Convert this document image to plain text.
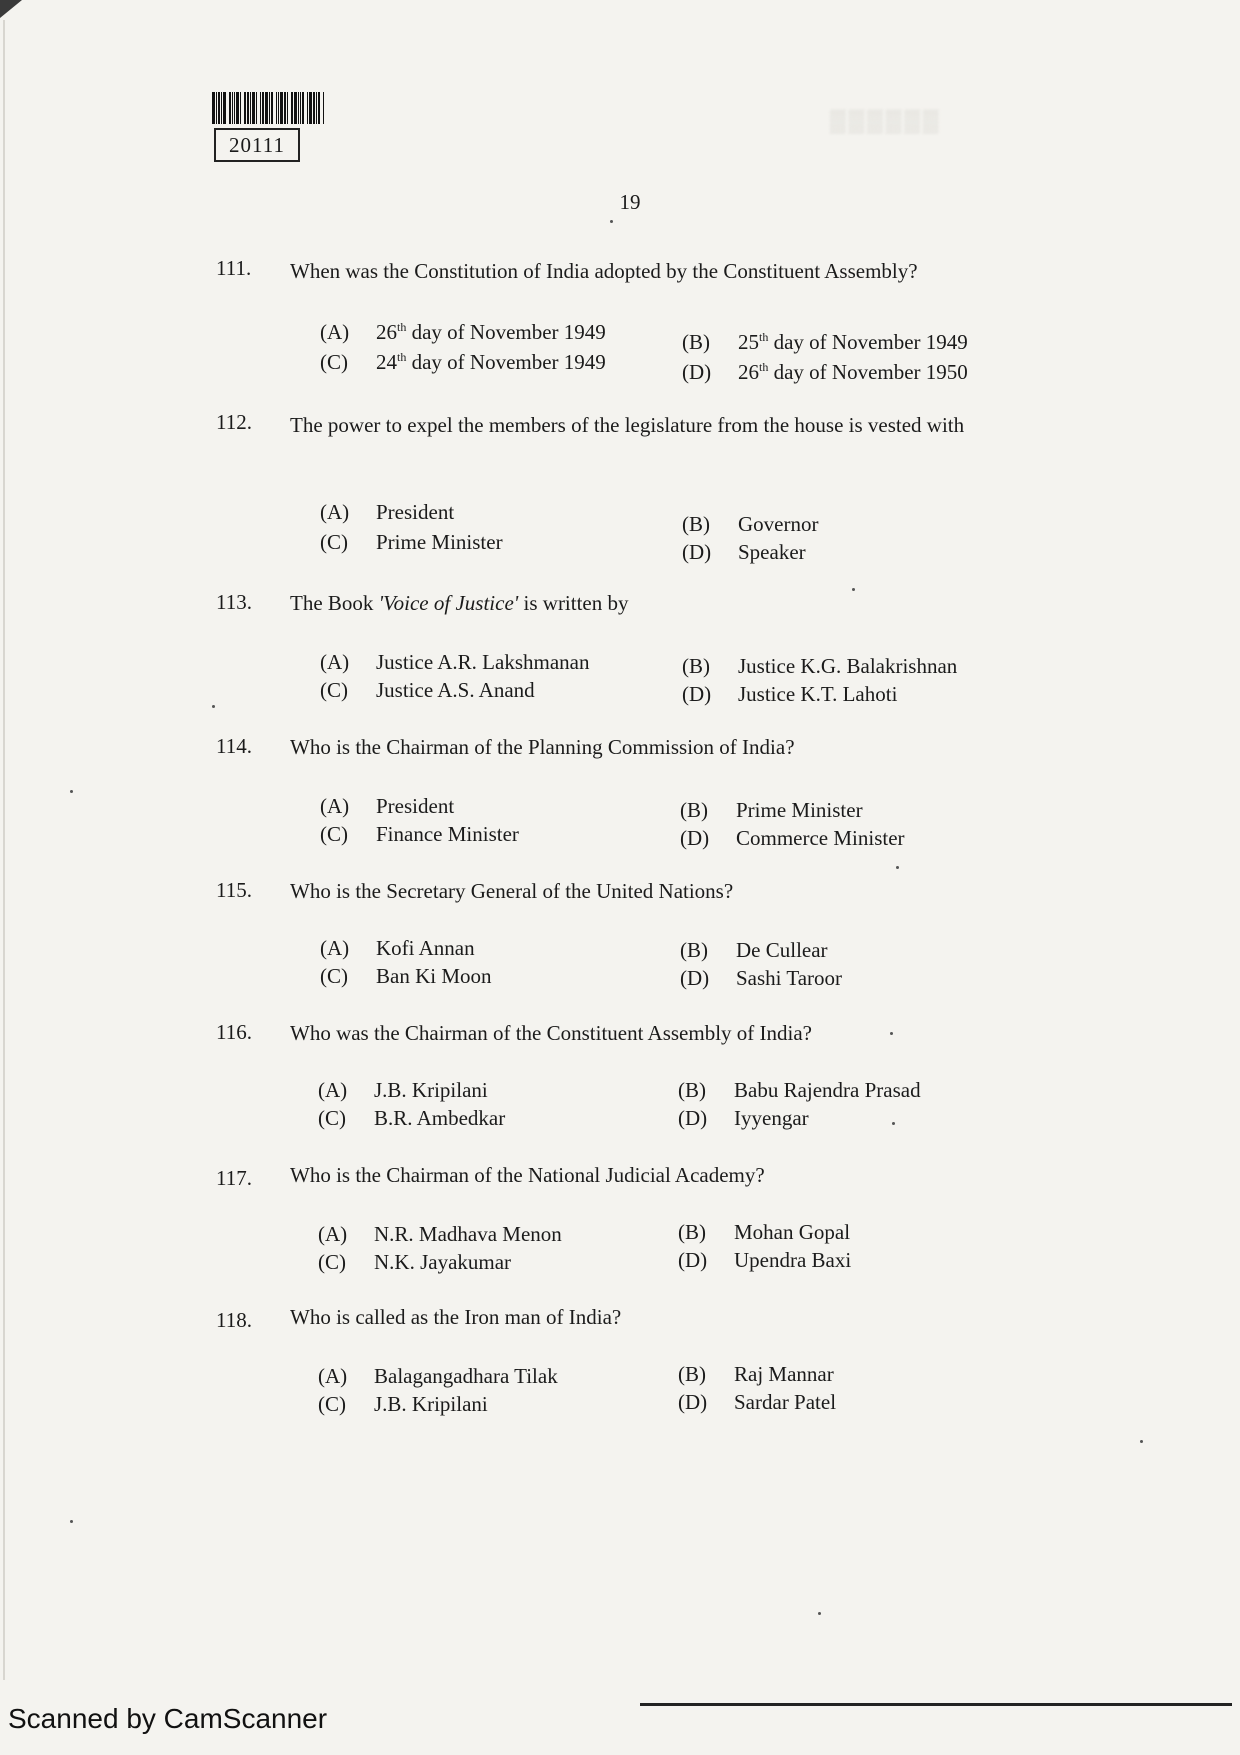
20111
▒▒▒▒▒▒
19
111. When was the Constitution of India adopted by the Constituent Assembly?
(A) 26th day of November 1949	(B) 25th day of November 1949
(C) 24th day of November 1949	(D) 26th day of November 1950
112. The power to expel the members of the legislature from the house is vested with
(A) President	(B) Governor
(C) Prime Minister	(D) Speaker
113. The Book 'Voice of Justice' is written by
(A) Justice A.R. Lakshmanan	(B) Justice K.G. Balakrishnan
(C) Justice A.S. Anand	(D) Justice K.T. Lahoti
114. Who is the Chairman of the Planning Commission of India?
(A) President	(B) Prime Minister
(C) Finance Minister	(D) Commerce Minister
115. Who is the Secretary General of the United Nations?
(A) Kofi Annan	(B) De Cullear
(C) Ban Ki Moon	(D) Sashi Taroor
116. Who was the Chairman of the Constituent Assembly of India?
(A) J.B. Kripilani	(B) Babu Rajendra Prasad
(C) B.R. Ambedkar	(D) Iyyengar
117. Who is the Chairman of the National Judicial Academy?
(A) N.R. Madhava Menon	(B) Mohan Gopal
(C) N.K. Jayakumar	(D) Upendra Baxi
118. Who is called as the Iron man of India?
(A) Balagangadhara Tilak	(B) Raj Mannar
(C) J.B. Kripilani	(D) Sardar Patel
Scanned by CamScanner
